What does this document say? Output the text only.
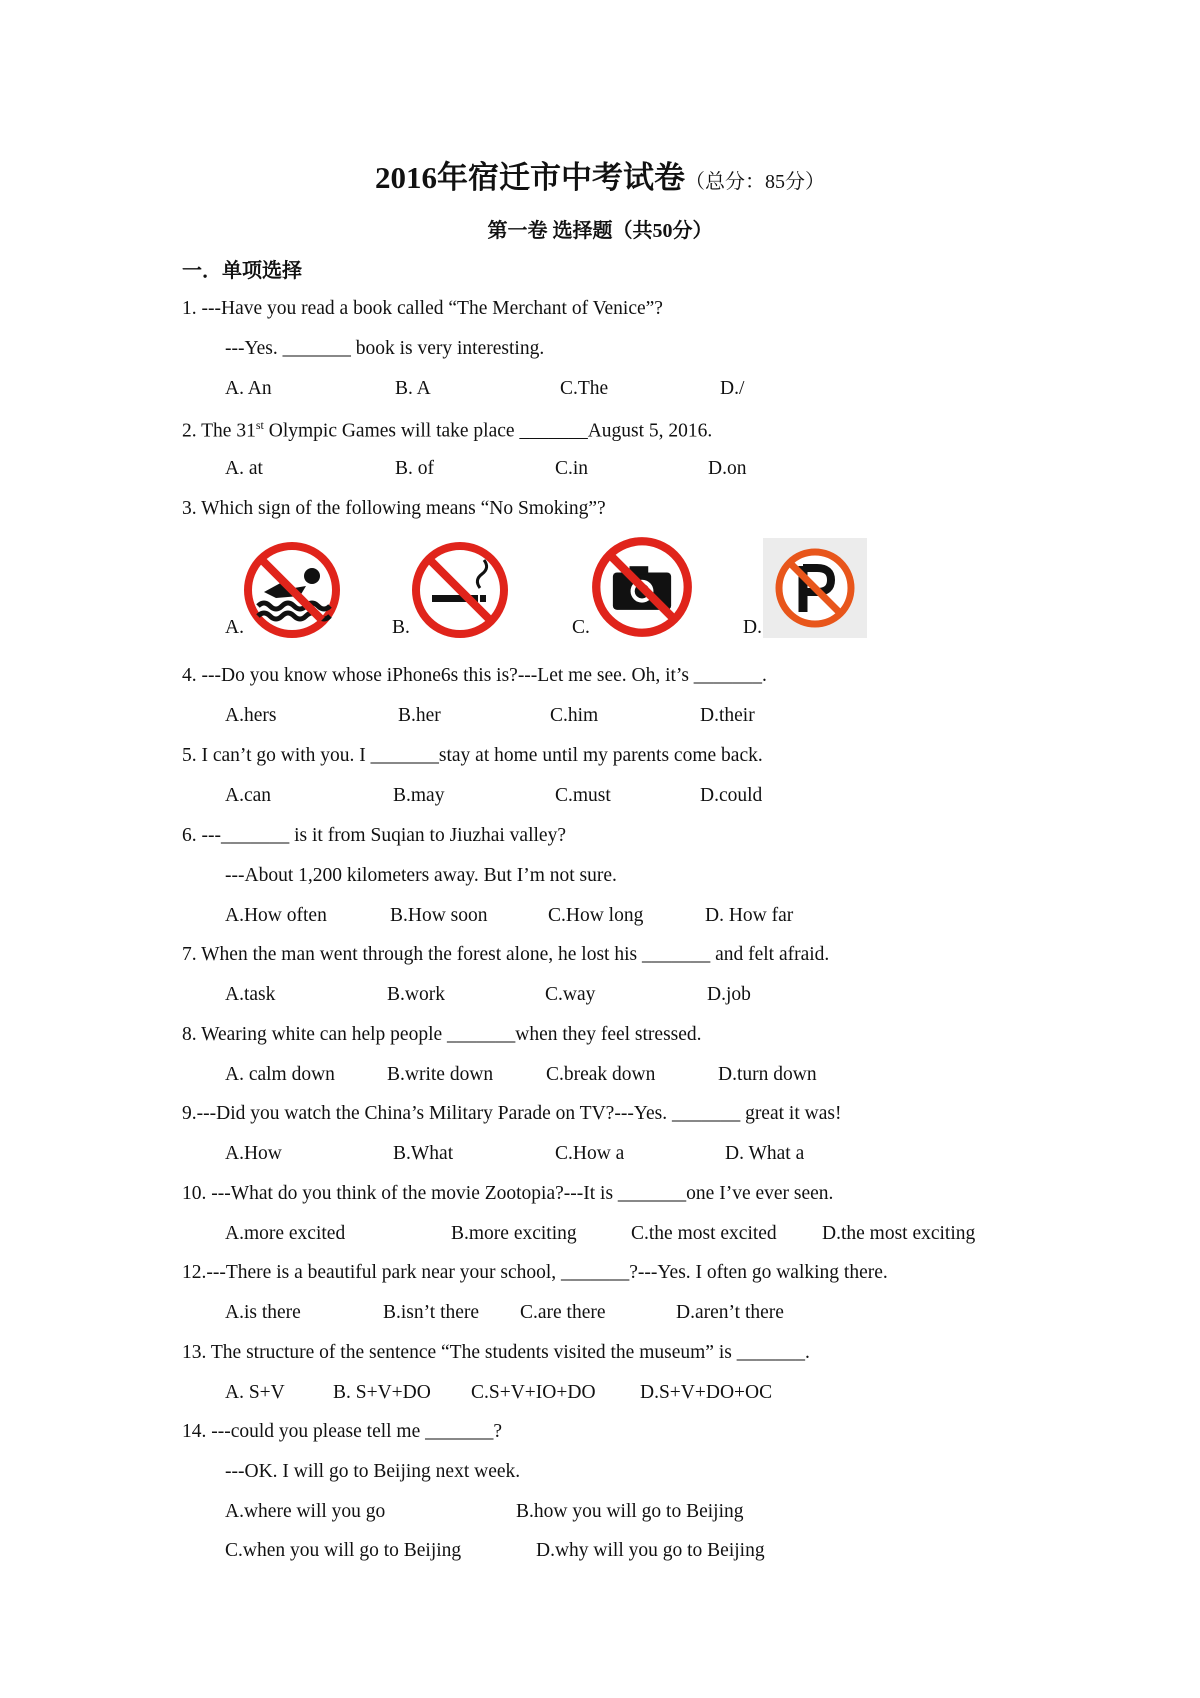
2016年宿迁市中考试卷（总分：85分）
第一卷 选择题（共50分）
一．单项选择
1. ---Have you read a book called “The Merchant of Venice”?
---Yes. _______ book is very interesting.
A. An	B. A	C.The	D./
2. The 31st Olympic Games will take place _______August 5, 2016.
A. at	B. of	C.in	D.on
3. Which sign of the following means “No Smoking”?
A.	B.	C.	D.
4. ---Do you know whose iPhone6s this is?---Let me see. Oh, it’s _______.
A.hers	B.her	C.him	D.their
5. I can’t go with you. I _______stay at home until my parents come back.
A.can	B.may	C.must	D.could
6. ---_______ is it from Suqian to Jiuzhai valley?
---About 1,200 kilometers away. But I’m not sure.
A.How often	B.How soon	C.How long	D. How far
7. When the man went through the forest alone, he lost his _______ and felt afraid.
A.task	B.work	C.way	D.job
8. Wearing white can help people _______when they feel stressed.
A. calm down	B.write down	C.break down	D.turn down
9.---Did you watch the China’s Military Parade on TV?---Yes. _______ great it was!
A.How	B.What	C.How a	D. What a
10. ---What do you think of the movie Zootopia?---It is _______one I’ve ever seen.
A.more excited	B.more exciting	C.the most excited D.the most exciting
12.---There is a beautiful park near your school, _______?---Yes. I often go walking there.
A.is there	B.isn’t there C.are there	D.aren’t there
13. The structure of the sentence “The students visited the museum” is _______.
A. S+V B. S+V+DO C.S+V+IO+DO D.S+V+DO+OC
14. ---could you please tell me _______?
---OK. I will go to Beijing next week.
A.where will you go	B.how you will go to Beijing
C.when you will go to Beijing	D.why will you go to Beijing
